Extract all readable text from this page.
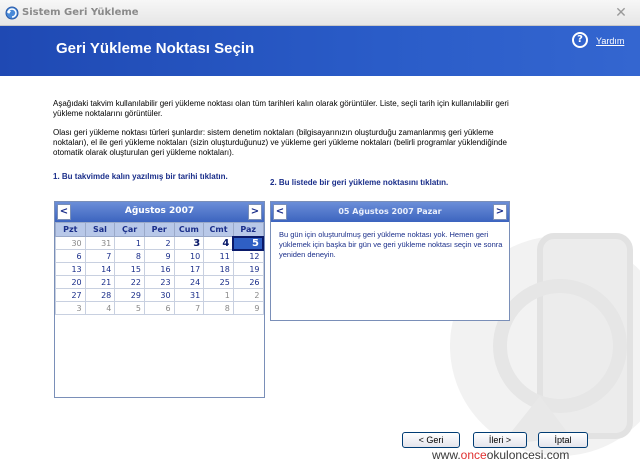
Sistem Geri Yükleme	✕
Geri Yükleme Noktası Seçin
?	Yardım
Aşağıdaki takvim kullanılabilir geri yükleme noktası olan tüm tarihleri kalın olarak görüntüler. Liste, seçli tarih için kullanılabilir geri yükleme noktalarını görüntüler.
Olası geri yükleme noktası türleri şunlardır: sistem denetim noktaları (bilgisayarınızın oluşturduğu zamanlanmış geri yükleme noktaları), el ile geri yükleme noktaları (sizin oluşturduğunuz) ve yükleme geri yükleme noktaları (belirli programlar yüklendiğinde otomatik olarak oluşturulan geri yükleme noktaları).
1. Bu takvimde kalın yazılmış bir tarihi tıklatın.
2. Bu listede bir geri yükleme noktasını tıklatın.
<	Ağustos 2007	>
Pzt	Sal	Çar	Per	Cum	Cmt	Paz
30	31	1	2	3	4	5
6	7	8	9	10	11	12
13	14	15	16	17	18	19
20	21	22	23	24	25	26
27	28	29	30	31	1	2
3	4	5	6	7	8	9
<	05 Ağustos 2007 Pazar	>
Bu gün için oluşturulmuş geri yükleme noktası yok. Hemen geri yüklemek için başka bir gün ve geri yükleme noktası seçin ve sonra yeniden deneyin.
< Geri	İleri >	İptal
www.onceokuloncesi.com
